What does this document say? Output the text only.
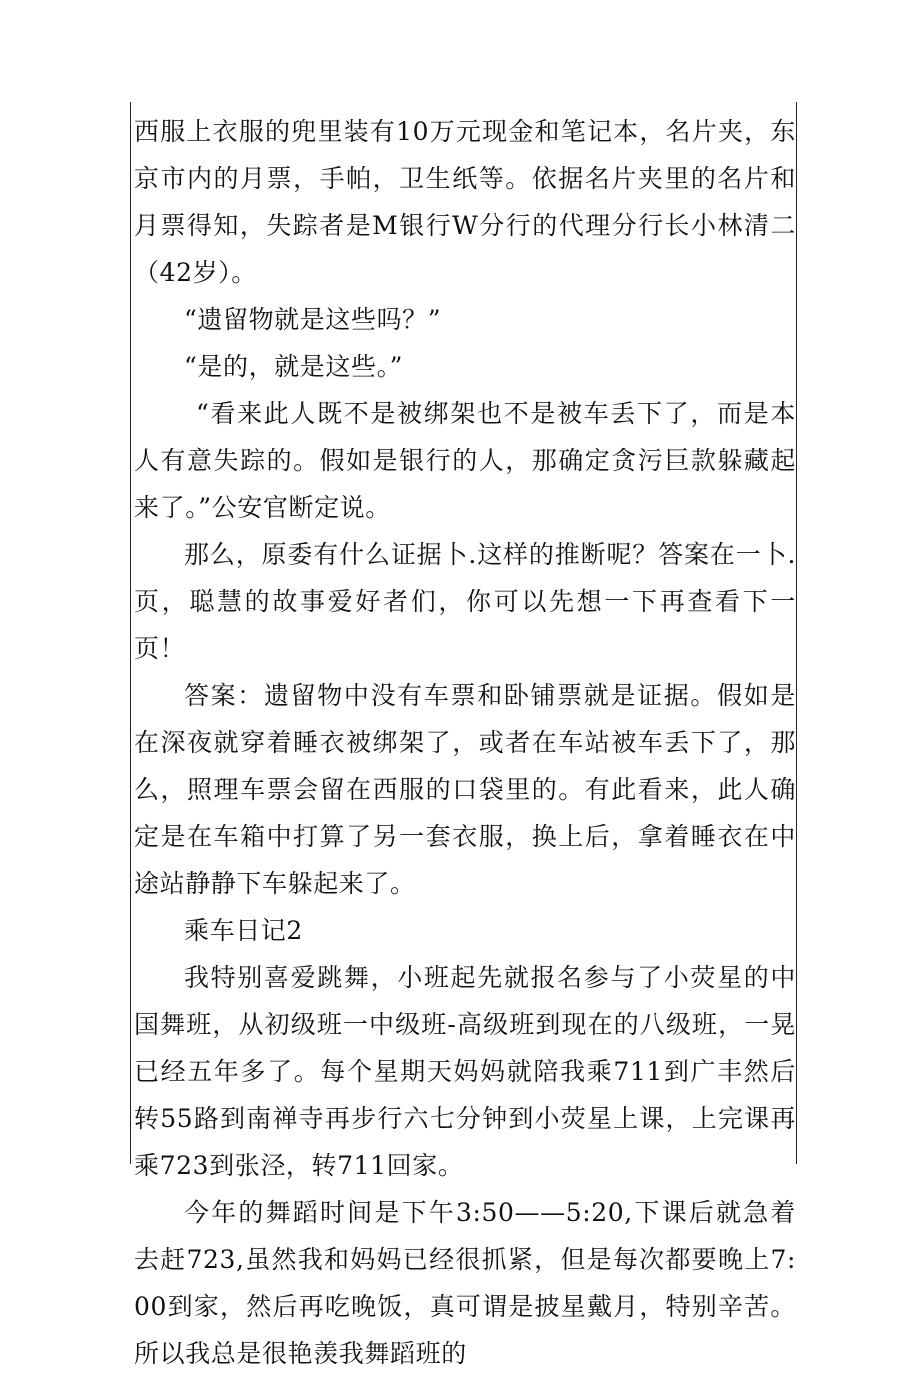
西服上衣服的兜里装有10万元现金和笔记本，名片夹，东京市内的月票，手帕，卫生纸等。依据名片夹里的名片和月票得知，失踪者是M银行W分行的代理分行长小林清二（42岁）。

“遗留物就是这些吗？”

“是的，就是这些。”

“看来此人既不是被绑架也不是被车丢下了，而是本人有意失踪的。假如是银行的人，那确定贪污巨款躲藏起来了。”公安官断定说。

那么，原委有什么证据卜.这样的推断呢？答案在一卜.页，聪慧的故事爱好者们，你可以先想一下再查看下一页！

答案：遗留物中没有车票和卧铺票就是证据。假如是在深夜就穿着睡衣被绑架了，或者在车站被车丢下了，那么，照理车票会留在西服的口袋里的。有此看来，此人确定是在车箱中打算了另一套衣服，换上后，拿着睡衣在中途站静静下车躲起来了。

乘车日记2

我特别喜爱跳舞，小班起先就报名参与了小荧星的中国舞班，从初级班一中级班-高级班到现在的八级班，一晃已经五年多了。每个星期天妈妈就陪我乘711到广丰然后转55路到南禅寺再步行六七分钟到小荧星上课，上完课再乘723到张泾，转711回家。

今年的舞蹈时间是下午3:50——5:20,下课后就急着去赶723,虽然我和妈妈已经很抓紧，但是每次都要晚上7:00到家，然后再吃晚饭，真可谓是披星戴月，特别辛苦。所以我总是很艳羡我舞蹈班的
